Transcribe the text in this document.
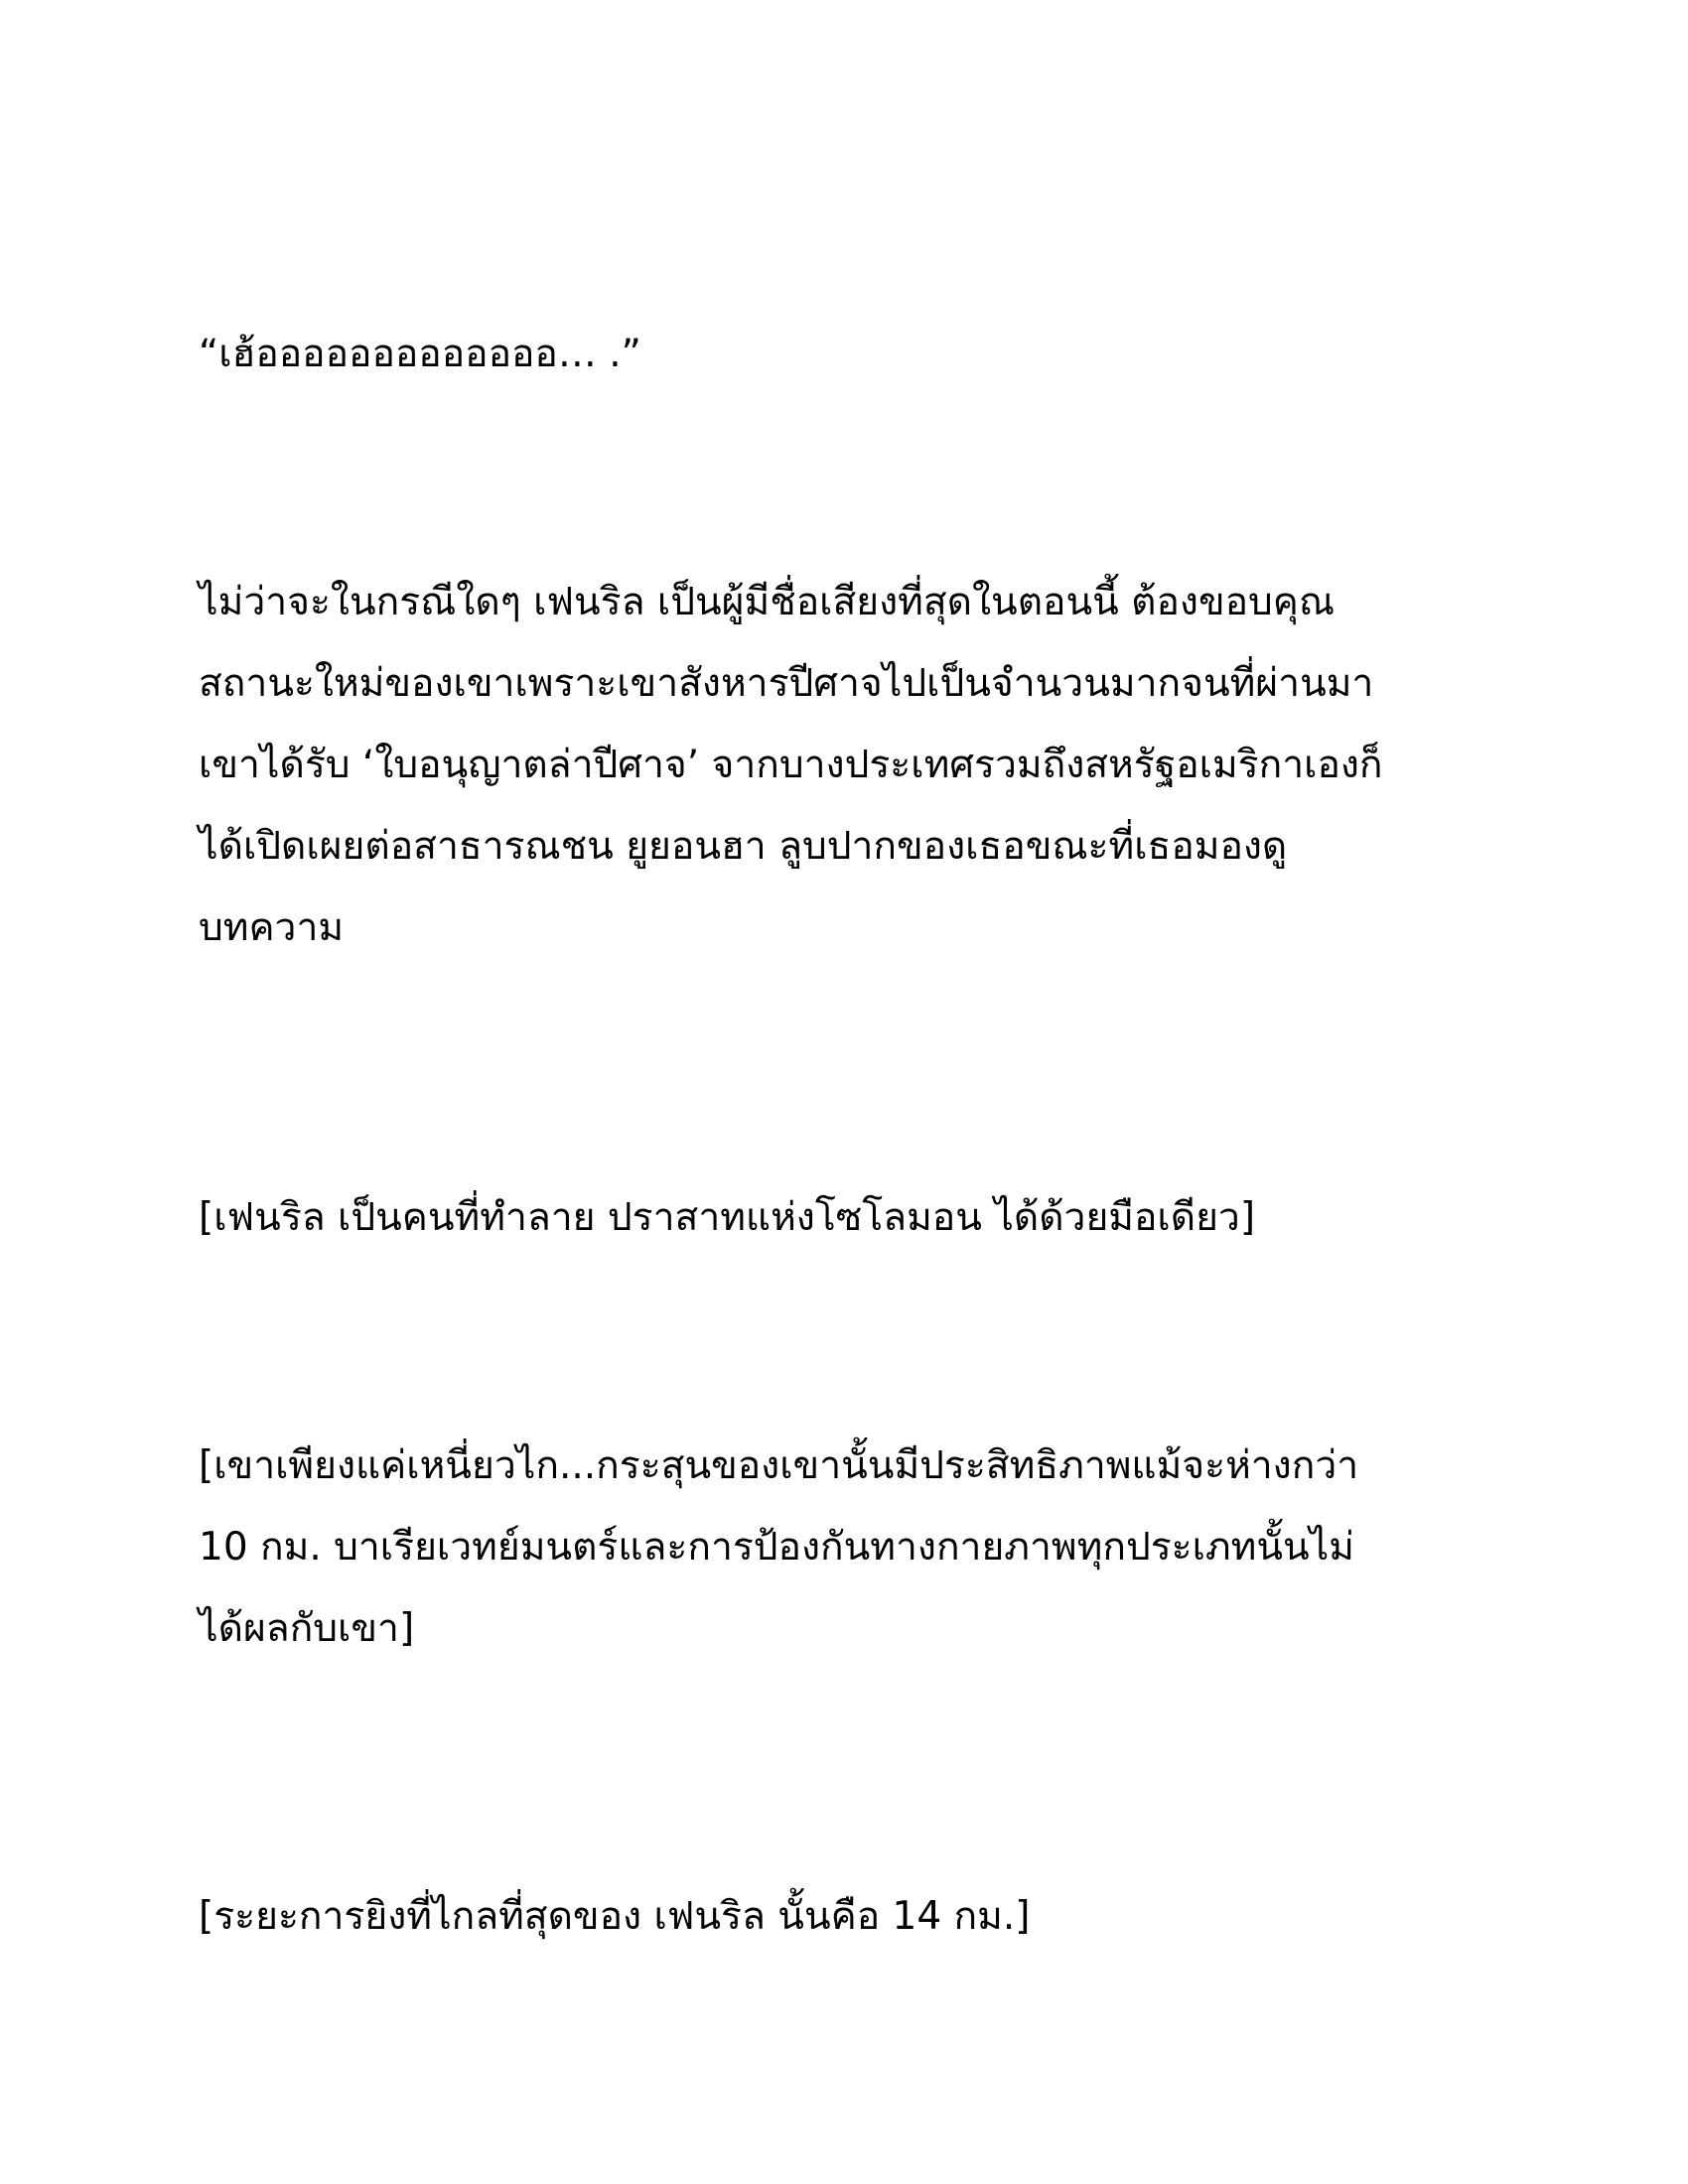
“เฮ้อออออออออออออ… .”
ไม่ว่าจะในกรณีใดๆ เฟนริล เป็นผู้มีชื่อเสียงที่สุดในตอนนี้ ต้องขอบคุณ
สถานะใหม่ของเขาเพราะเขาสังหารปีศาจไปเป็นจำนวนมากจนที่ผ่านมา
เขาได้รับ ‘ใบอนุญาตล่าปีศาจ’ จากบางประเทศรวมถึงสหรัฐอเมริกาเองก็
ได้เปิดเผยต่อสาธารณชน ยูยอนฮา ลูบปากของเธอขณะที่เธอมองดู
บทความ
[เฟนริล เป็นคนที่ทำลาย ปราสาทแห่งโซโลมอน ได้ด้วยมือเดียว]
[เขาเพียงแค่เหนี่ยวไก...กระสุนของเขานั้นมีประสิทธิภาพแม้จะห่างกว่า
10 กม. บาเรียเวทย์มนตร์และการป้องกันทางกายภาพทุกประเภทนั้นไม่
ได้ผลกับเขา]
[ระยะการยิงที่ไกลที่สุดของ เฟนริล นั้นคือ 14 กม.]
